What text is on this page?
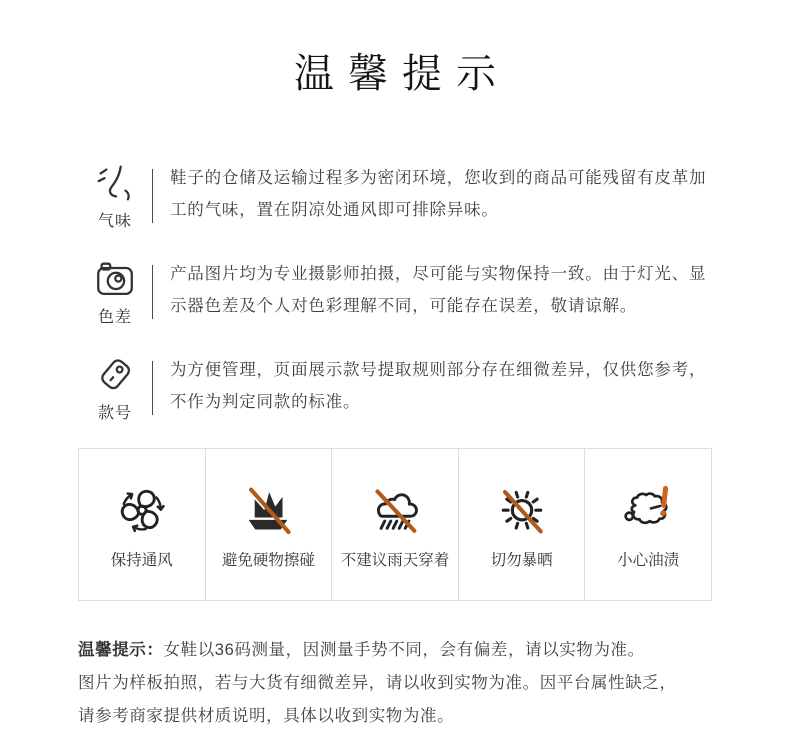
温馨提示
气味

鞋子的仓储及运输过程多为密闭环境，您收到的商品可能残留有皮革加工的气味，置在阴凉处通风即可排除异味。

色差

产品图片均为专业摄影师拍摄，尽可能与实物保持一致。由于灯光、显示器色差及个人对色彩理解不同，可能存在误差，敬请谅解。

款号

为方便管理，页面展示款号提取规则部分存在细微差异，仅供您参考，不作为判定同款的标准。

保持通风	避免硬物擦碰 不建议雨天穿着	切勿暴晒	小心油渍

温馨提示：女鞋以36码测量，因测量手势不同，会有偏差，请以实物为准。

图片为样板拍照，若与大货有细微差异，请以收到实物为准。因平台属性缺乏，

请参考商家提供材质说明，具体以收到实物为准。
